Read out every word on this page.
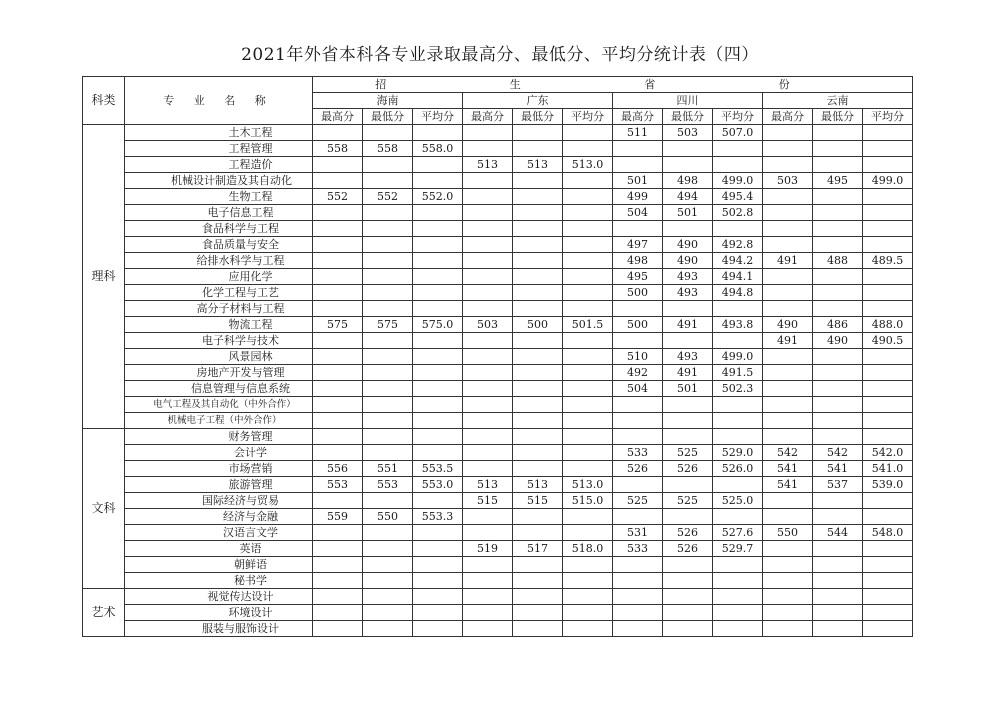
2021年外省本科各专业录取最高分、最低分、平均分统计表（四）
科类	专 业 名 称	招 生 省 份											
		海南			广东			四川			云南		
		最高分	最低分	平均分	最高分	最低分	平均分	最高分	最低分	平均分	最高分	最低分	平均分
理科	土木工程							511	503	507.0			
	工程管理	558	558	558.0									
	工程造价				513	513	513.0						
	机械设计制造及其自动化							501	498	499.0	503	495	499.0
	生物工程	552	552	552.0				499	494	495.4			
	电子信息工程							504	501	502.8			
	食品科学与工程												
	食品质量与安全							497	490	492.8			
	给排水科学与工程							498	490	494.2	491	488	489.5
	应用化学							495	493	494.1			
	化学工程与工艺							500	493	494.8			
	高分子材料与工程												
	物流工程	575	575	575.0	503	500	501.5	500	491	493.8	490	486	488.0
	电子科学与技术										491	490	490.5
	风景园林							510	493	499.0			
	房地产开发与管理							492	491	491.5			
	信息管理与信息系统							504	501	502.3			
	电气工程及其自动化（中外合作）												
	机械电子工程（中外合作）												
文科	财务管理												
	会计学							533	525	529.0	542	542	542.0
	市场营销	556	551	553.5				526	526	526.0	541	541	541.0
	旅游管理	553	553	553.0	513	513	513.0				541	537	539.0
	国际经济与贸易				515	515	515.0	525	525	525.0			
	经济与金融	559	550	553.3									
	汉语言文学							531	526	527.6	550	544	548.0
	英语				519	517	518.0	533	526	529.7			
	朝鲜语												
	秘书学												
艺术	视觉传达设计												
	环境设计												
	服装与服饰设计												
